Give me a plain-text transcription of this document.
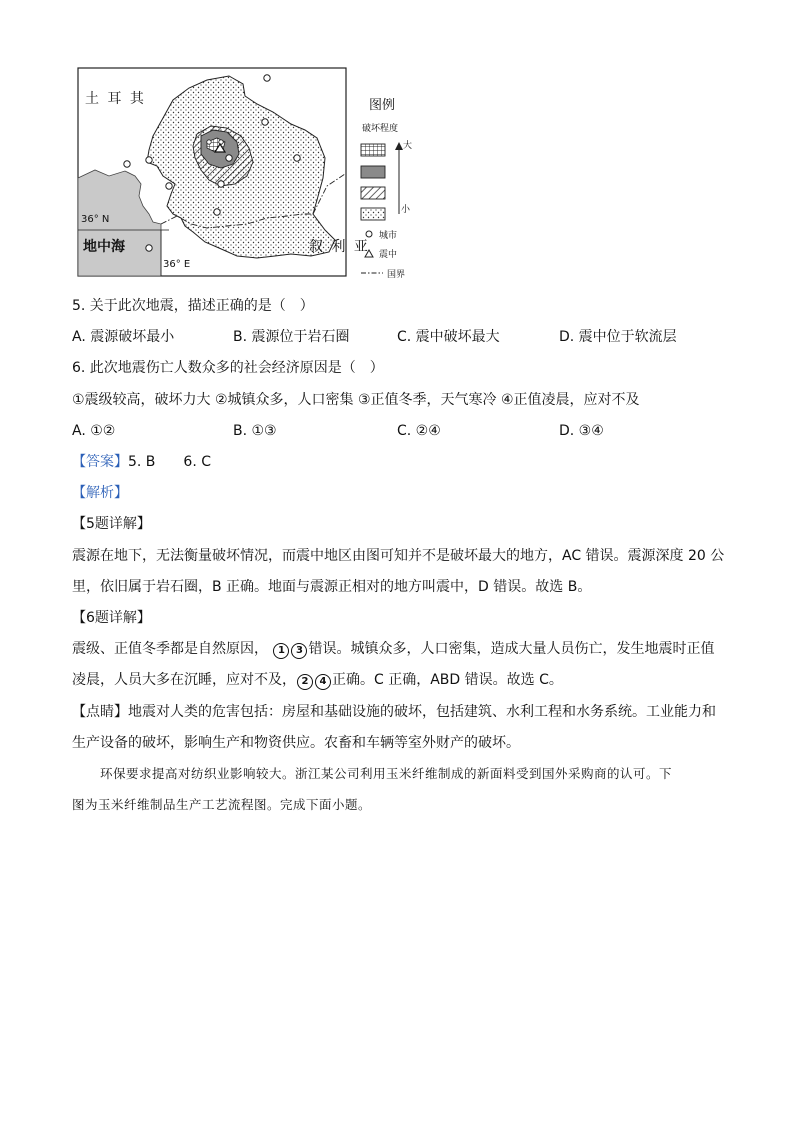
土 耳 其
叙 利 亚
地中海
36° N
36° E
图例
破坏程度
大
小
城市
震中
国界
5. 关于此次地震，描述正确的是（　）
A. 震源破坏最小	B. 震源位于岩石圈	C. 震中破坏最大	D. 震中位于软流层
6. 此次地震伤亡人数众多的社会经济原因是（　）
①震级较高，破坏力大 ②城镇众多，人口密集 ③正值冬季，天气寒冷 ④正值凌晨，应对不及
A. ①②	B. ①③	C. ②④	D. ③④
【答案】5. B　　6. C
【解析】
【5题详解】
震源在地下，无法衡量破坏情况，而震中地区由图可知并不是破坏最大的地方，AC 错误。震源深度 20 公
里，依旧属于岩石圈，B 正确。地面与震源正相对的地方叫震中，D 错误。故选 B。
【6题详解】
震级、正值冬季都是自然原因， 1 3 错误。城镇众多，人口密集，造成大量人员伤亡，发生地震时正值
凌晨，人员大多在沉睡，应对不及， 2 4 正确。C 正确，ABD 错误。故选 C。
【点睛】地震对人类的危害包括：房屋和基础设施的破坏，包括建筑、水利工程和水务系统。工业能力和
生产设备的破坏，影响生产和物资供应。农畜和车辆等室外财产的破坏。
环保要求提高对纺织业影响较大。浙江某公司利用玉米纤维制成的新面料受到国外采购商的认可。下
图为玉米纤维制品生产工艺流程图。完成下面小题。
